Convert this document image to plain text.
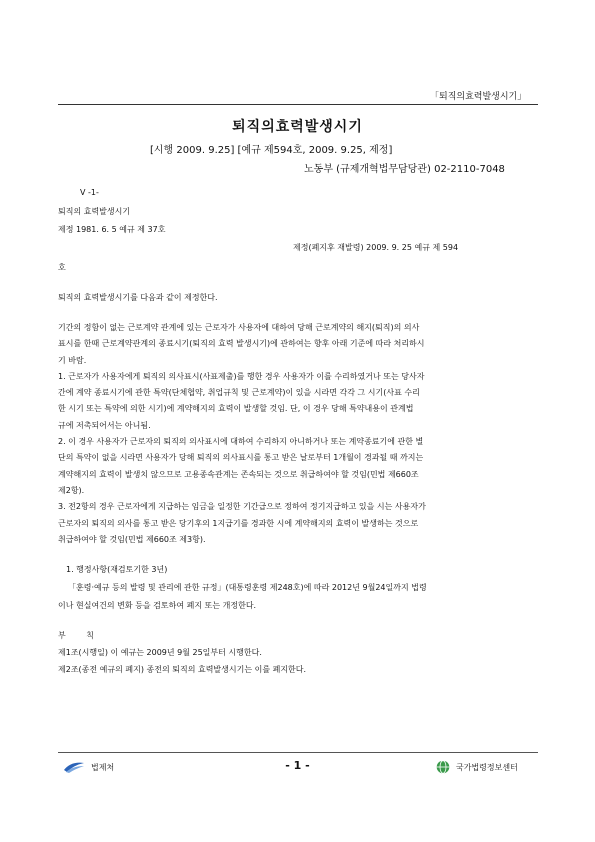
「퇴직의효력발생시기」
퇴직의효력발생시기
[시행 2009. 9.25] [예규 제594호, 2009. 9.25, 제정]
노동부 (규제개혁법무담당관) 02-2110-7048
Ⅴ -1-
퇴직의 효력발생시기
제정 1981. 6. 5 예규 제 37호
제정(폐지후 재발령) 2009. 9. 25 예규 제 594
호
퇴직의 효력발생시기를 다음과 같이 제정한다.
기간의 정함이 없는 근로계약 관계에 있는 근로자가 사용자에 대하여 당해 근로계약의 해지(퇴직)의 의사
표시를 한때 근로계약관계의 종료시기(퇴직의 효력 발생시기)에 관하여는 향후 아래 기준에 따라 처리하시
기 바람.
1. 근로자가 사용자에게 퇴직의 의사표시(사표제출)를 행한 경우 사용자가 이를 수리하였거나 또는 당사자
간에 계약 종료시기에 관한 특약(단체협약, 취업규칙 및 근로계약)이 있을 시라면 각각 그 시기(사표 수리
한 시기 또는 특약에 의한 시기)에 계약해지의 효력이 발생할 것임. 단, 이 경우 당해 특약내용이 관계법
규에 저촉되어서는 아니됨.
2. 이 경우 사용자가 근로자의 퇴직의 의사표시에 대하여 수리하지 아니하거나 또는 계약종료기에 관한 별
단의 특약이 없을 시라면 사용자가 당해 퇴직의 의사표시를 통고 받은 날로부터 1개월이 경과될 때 까지는
계약해지의 효력이 발생치 않으므로 고용종속관계는 존속되는 것으로 취급하여야 할 것임(민법 제660조
제2항).
3. 전2항의 경우 근로자에게 지급하는 임금을 일정한 기간급으로 정하여 정기지급하고 있을 시는 사용자가
근로자의 퇴직의 의사를 통고 받은 당기후의 1지급기를 경과한 시에 계약해지의 효력이 발생하는 것으로
취급하여야 할 것임(민법 제660조 제3항).
1. 행정사항(재검토기한 3년)
「훈령·예규 등의 발령 및 관리에 관한 규정」(대통령훈령 제248호)에 따라 2012년 9월24일까지 법령
이나 현실여건의 변화 등을 검토하여 폐지 또는 개정한다.
부        칙
제1조(시행일) 이 예규는 2009년 9월 25일부터 시행한다.
제2조(종전 예규의 폐지) 종전의 퇴직의 효력발생시기는 이를 폐지한다.
법제처	- 1 -	국가법령정보센터
